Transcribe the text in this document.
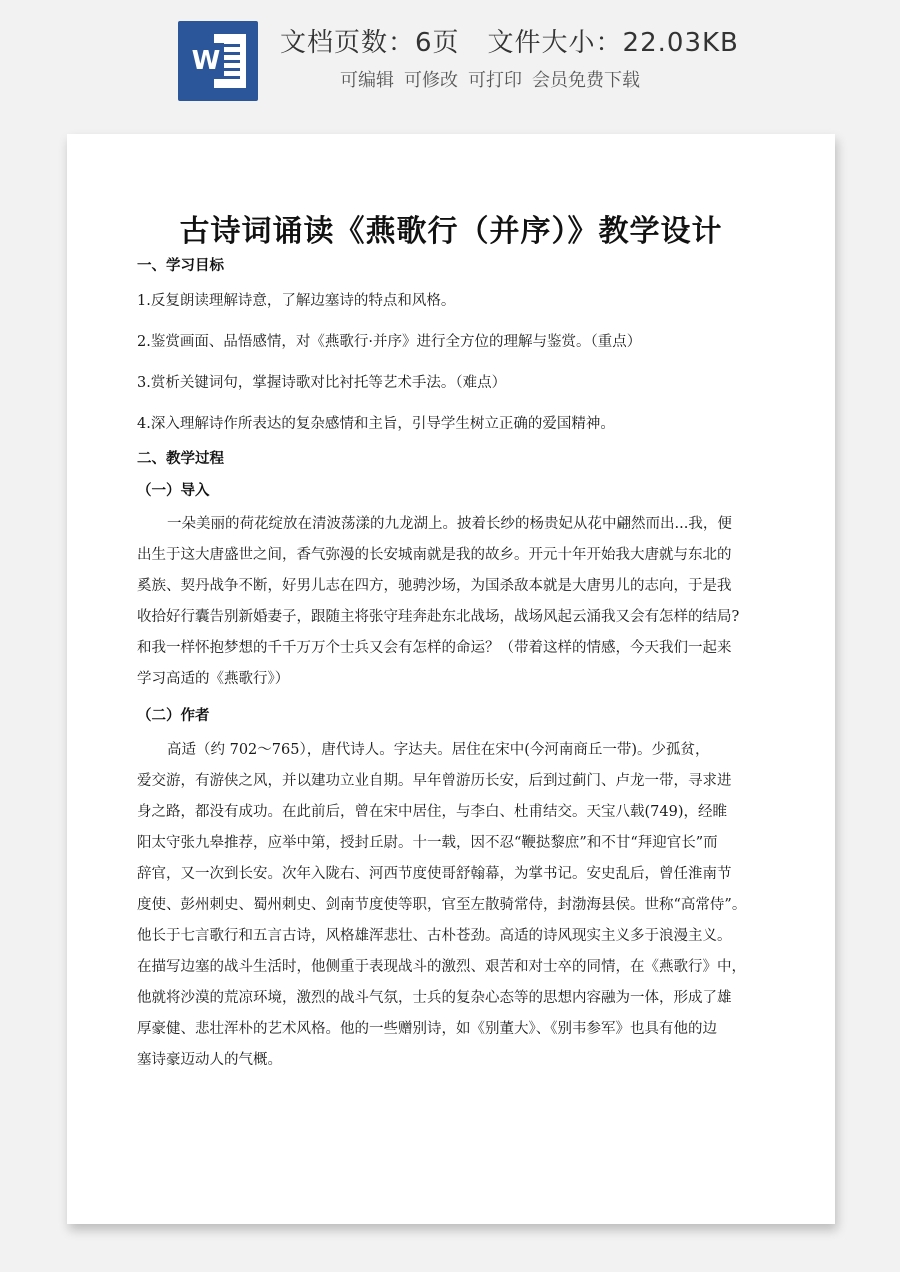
W
文档页数：6页 文件大小：22.03KB
可编辑 可修改 可打印 会员免费下载
古诗词诵读《燕歌行（并序）》教学设计
一、学习目标
1.反复朗读理解诗意，了解边塞诗的特点和风格。
2.鉴赏画面、品悟感情，对《燕歌行·并序》进行全方位的理解与鉴赏。（重点）
3.赏析关键词句，掌握诗歌对比衬托等艺术手法。（难点）
4.深入理解诗作所表达的复杂感情和主旨，引导学生树立正确的爱国精神。
二、教学过程
（一）导入
一朵美丽的荷花绽放在清波荡漾的九龙湖上。披着长纱的杨贵妃从花中翩然而出...我，便
出生于这大唐盛世之间，香气弥漫的长安城南就是我的故乡。开元十年开始我大唐就与东北的
奚族、契丹战争不断，好男儿志在四方，驰骋沙场，为国杀敌本就是大唐男儿的志向，于是我
收拾好行囊告别新婚妻子，跟随主将张守珪奔赴东北战场，战场风起云涌我又会有怎样的结局?
和我一样怀抱梦想的千千万万个士兵又会有怎样的命运？（带着这样的情感，今天我们一起来
学习高适的《燕歌行》）
（二）作者
高适（约 702～765），唐代诗人。字达夫。居住在宋中(今河南商丘一带)。少孤贫，
爱交游，有游侠之风，并以建功立业自期。早年曾游历长安，后到过蓟门、卢龙一带，寻求进
身之路，都没有成功。在此前后，曾在宋中居住，与李白、杜甫结交。天宝八载(749)，经睢
阳太守张九皋推荐，应举中第，授封丘尉。十一载，因不忍“鞭挞黎庶”和不甘“拜迎官长”而
辞官，又一次到长安。次年入陇右、河西节度使哥舒翰幕，为掌书记。安史乱后，曾任淮南节
度使、彭州刺史、蜀州刺史、剑南节度使等职，官至左散骑常侍，封渤海县侯。世称“高常侍”。
他长于七言歌行和五言古诗，风格雄浑悲壮、古朴苍劲。高适的诗风现实主义多于浪漫主义。
在描写边塞的战斗生活时，他侧重于表现战斗的激烈、艰苦和对士卒的同情，在《燕歌行》中，
他就将沙漠的荒凉环境，激烈的战斗气氛，士兵的复杂心态等的思想内容融为一体，形成了雄
厚豪健、悲壮浑朴的艺术风格。他的一些赠别诗，如《别董大》、《别韦参军》也具有他的边
塞诗豪迈动人的气概。
